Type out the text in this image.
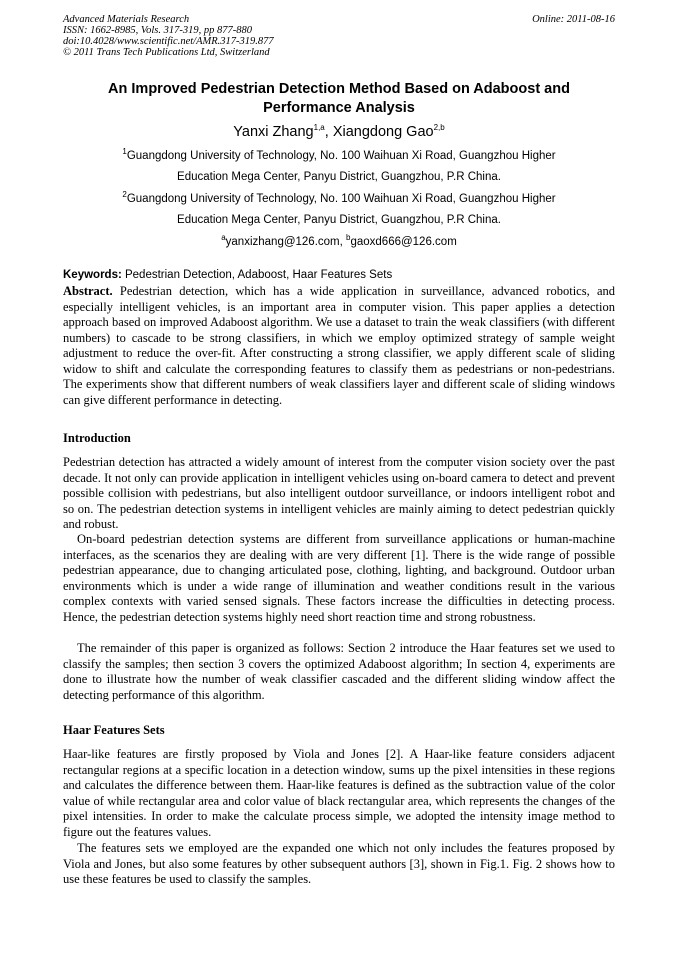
Advanced Materials Research
ISSN: 1662-8985, Vols. 317-319, pp 877-880
doi:10.4028/www.scientific.net/AMR.317-319.877
© 2011 Trans Tech Publications Ltd, Switzerland
Online: 2011-08-16
An Improved Pedestrian Detection Method Based on Adaboost and Performance Analysis
Yanxi Zhang$^{1,a}$, Xiangdong Gao$^{2,b}$
$^1$Guangdong University of Technology, No. 100 Waihuan Xi Road, Guangzhou Higher
Education Mega Center, Panyu District, Guangzhou, P.R China.
$^2$Guangdong University of Technology, No. 100 Waihuan Xi Road, Guangzhou Higher
Education Mega Center, Panyu District, Guangzhou, P.R China.
$^a$yanxizhang@126.com, $^b$gaoxd666@126.com
Keywords: Pedestrian Detection, Adaboost, Haar Features Sets

Abstract. Pedestrian detection, which has a wide application in surveillance, advanced robotics, and especially intelligent vehicles, is an important area in computer vision. This paper applies a detection approach based on improved Adaboost algorithm. We use a dataset to train the weak classifiers (with different numbers) to cascade to be strong classifiers, in which we employ optimized strategy of sample weight adjustment to reduce the over-fit. After constructing a strong classifier, we apply different scale of sliding widow to shift and calculate the corresponding features to classify them as pedestrians or non-pedestrians. The experiments show that different numbers of weak classifiers layer and different scale of sliding windows can give different performance in detecting.

Introduction

Pedestrian detection has attracted a widely amount of interest from the computer vision society over the past decade. It not only can provide application in intelligent vehicles using on-board camera to detect and prevent possible collision with pedestrians, but also intelligent outdoor surveillance, or indoors intelligent robot and so on. The pedestrian detection systems in intelligent vehicles are mainly aiming to detect pedestrian quickly and robust.

On-board pedestrian detection systems are different from surveillance applications or human-machine interfaces, as the scenarios they are dealing with are very different [1]. There is the wide range of possible pedestrian appearance, due to changing articulated pose, clothing, lighting, and background. Outdoor urban environments which is under a wide range of illumination and weather conditions result in the various complex contexts with varied sensed signals. These factors increase the difficulties in detecting process. Hence, the pedestrian detection systems highly need short reaction time and strong robustness.

The remainder of this paper is organized as follows: Section 2 introduce the Haar features set we used to classify the samples; then section 3 covers the optimized Adaboost algorithm; In section 4, experiments are done to illustrate how the number of weak classifier cascaded and the different sliding window affect the detecting performance of this algorithm.

Haar Features Sets

Haar-like features are firstly proposed by Viola and Jones [2]. A Haar-like feature considers adjacent rectangular regions at a specific location in a detection window, sums up the pixel intensities in these regions and calculates the difference between them. Haar-like features is defined as the subtraction value of the color value of while rectangular area and color value of black rectangular area, which represents the changes of the pixel intensities. In order to make the calculate process simple, we adopted the intensity image method to figure out the features values.

The features sets we employed are the expanded one which not only includes the features proposed by Viola and Jones, but also some features by other subsequent authors [3], shown in Fig.1. Fig. 2 shows how to use these features be used to classify the samples.
